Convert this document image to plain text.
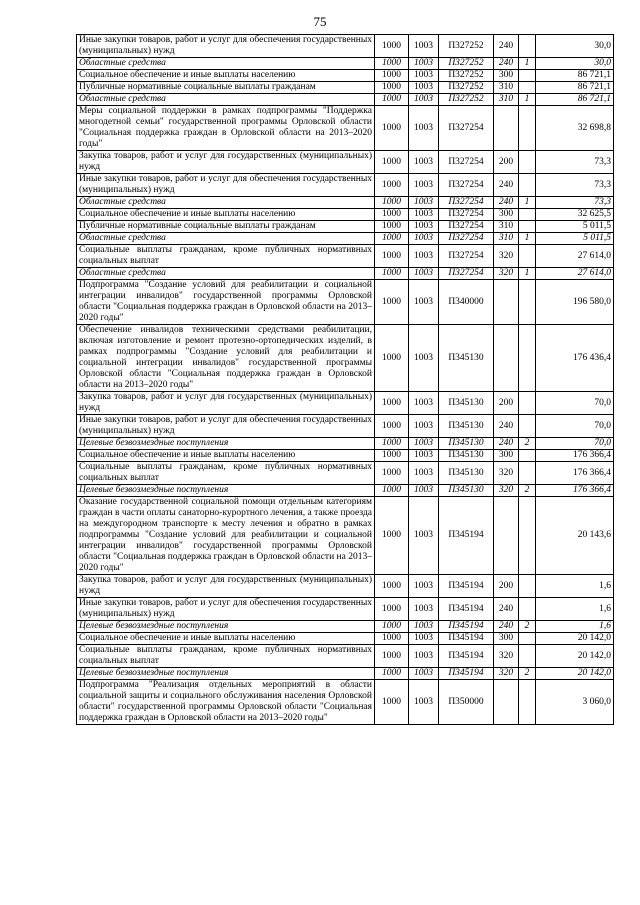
75
Иные закупки товаров, работ и услуг для обеспечения государственных (муниципальных) нужд	1000	1003	П327252	240		30,0
Областные средства	1000	1003	П327252	240	1	30,0
Социальное обеспечение и иные выплаты населению	1000	1003	П327252	300		86 721,1
Публичные нормативные социальные выплаты гражданам	1000	1003	П327252	310		86 721,1
Областные средства	1000	1003	П327252	310	1	86 721,1
Меры социальной поддержки в рамках подпрограммы "Поддержка многодетной семьи" государственной программы Орловской области "Социальная поддержка граждан в Орловской области на 2013–2020 годы"	1000	1003	П327254			32 698,8
Закупка товаров, работ и услуг для государственных (муниципальных) нужд	1000	1003	П327254	200		73,3
Иные закупки товаров, работ и услуг для обеспечения государственных (муниципальных) нужд	1000	1003	П327254	240		73,3
Областные средства	1000	1003	П327254	240	1	73,3
Социальное обеспечение и иные выплаты населению	1000	1003	П327254	300		32 625,5
Публичные нормативные социальные выплаты гражданам	1000	1003	П327254	310		5 011,5
Областные средства	1000	1003	П327254	310	1	5 011,5
Социальные выплаты гражданам, кроме публичных нормативных социальных выплат	1000	1003	П327254	320		27 614,0
Областные средства	1000	1003	П327254	320	1	27 614,0
Подпрограмма "Создание условий для реабилитации и социальной интеграции инвалидов" государственной программы Орловской области "Социальная поддержка граждан в Орловской области на 2013–2020 годы"	1000	1003	П340000			196 580,0
Обеспечение инвалидов техническими средствами реабилитации, включая изготовление и ремонт протезно-ортопедических изделий, в рамках подпрограммы "Создание условий для реабилитации и социальной интеграции инвалидов" государственной программы Орловской области "Социальная поддержка граждан в Орловской области на 2013–2020 годы"	1000	1003	П345130			176 436,4
Закупка товаров, работ и услуг для государственных (муниципальных) нужд	1000	1003	П345130	200		70,0
Иные закупки товаров, работ и услуг для обеспечения государственных (муниципальных) нужд	1000	1003	П345130	240		70,0
Целевые безвозмездные поступления	1000	1003	П345130	240	2	70,0
Социальное обеспечение и иные выплаты населению	1000	1003	П345130	300		176 366,4
Социальные выплаты гражданам, кроме публичных нормативных социальных выплат	1000	1003	П345130	320		176 366,4
Целевые безвозмездные поступления	1000	1003	П345130	320	2	176 366,4
Оказание государственной социальной помощи отдельным категориям граждан в части оплаты санаторно-курортного лечения, а также проезда на междугородном транспорте к месту лечения и обратно в рамках подпрограммы "Создание условий для реабилитации и социальной интеграции инвалидов" государственной программы Орловской области "Социальная поддержка граждан в Орловской области на 2013–2020 годы"	1000	1003	П345194			20 143,6
Закупка товаров, работ и услуг для государственных (муниципальных) нужд	1000	1003	П345194	200		1,6
Иные закупки товаров, работ и услуг для обеспечения государственных (муниципальных) нужд	1000	1003	П345194	240		1,6
Целевые безвозмездные поступления	1000	1003	П345194	240	2	1,6
Социальное обеспечение и иные выплаты населению	1000	1003	П345194	300		20 142,0
Социальные выплаты гражданам, кроме публичных нормативных социальных выплат	1000	1003	П345194	320		20 142,0
Целевые безвозмездные поступления	1000	1003	П345194	320	2	20 142,0
Подпрограмма "Реализация отдельных мероприятий в области социальной защиты и социального обслуживания населения Орловской области" государственной программы Орловской области "Социальная поддержка граждан в Орловской области на 2013–2020 годы"	1000	1003	П350000			3 060,0
